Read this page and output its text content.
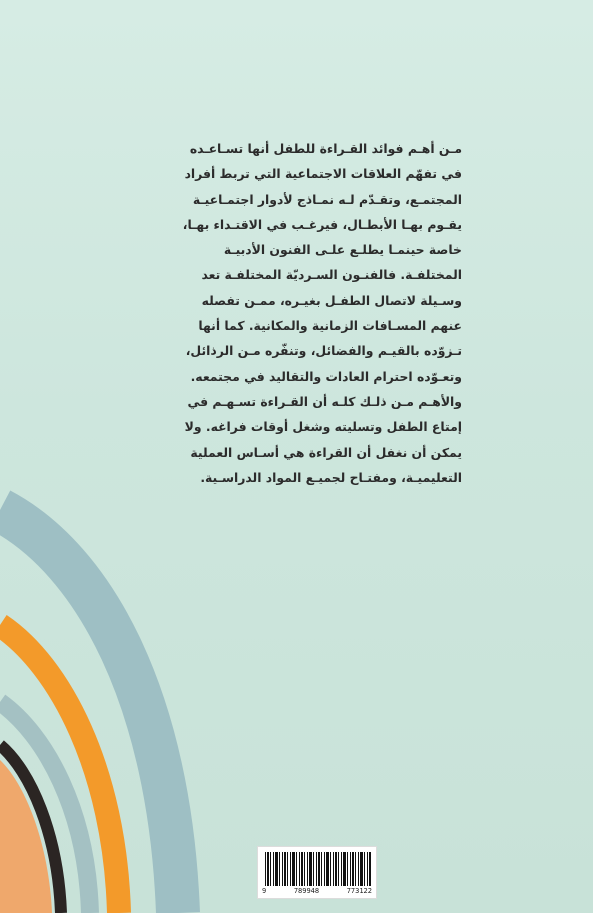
مـن أهـم فوائد القـراءة للطفل أنها تسـاعـده
في تفهّم العلاقات الاجتماعية التي تربط أفراد
المجتمـع، وتقـدّم لـه نمـاذج لأدوار اجتمـاعيـة
يقـوم بهـا الأبطـال، فيرغـب في الاقتـداء بهـا،
خاصة حينمـا يطلـع علـى الفنون الأدبيـة
المختلفـة. فالفنـون السـرديّة المختلفـة تعد
وسـيلة لاتصال الطفـل بغيـره، ممـن تفصله
عنهم المسـافات الزمانية والمكانية. كما أنها
تـزوّده بالقيـم والفضائل، وتنفّره مـن الرذائل،
وتعـوّده احترام العادات والتقاليد في مجتمعه.
والأهـم مـن ذلـك كلـه أن القـراءة تسـهـم في
إمتاع الطفل وتسليته وشغل أوقات فراغه. ولا
يمكن أن نغفل أن القراءة هي أسـاس العملية
التعليميـة، ومفتـاح لجميـع المواد الدراسـية.
9	789948	773122
